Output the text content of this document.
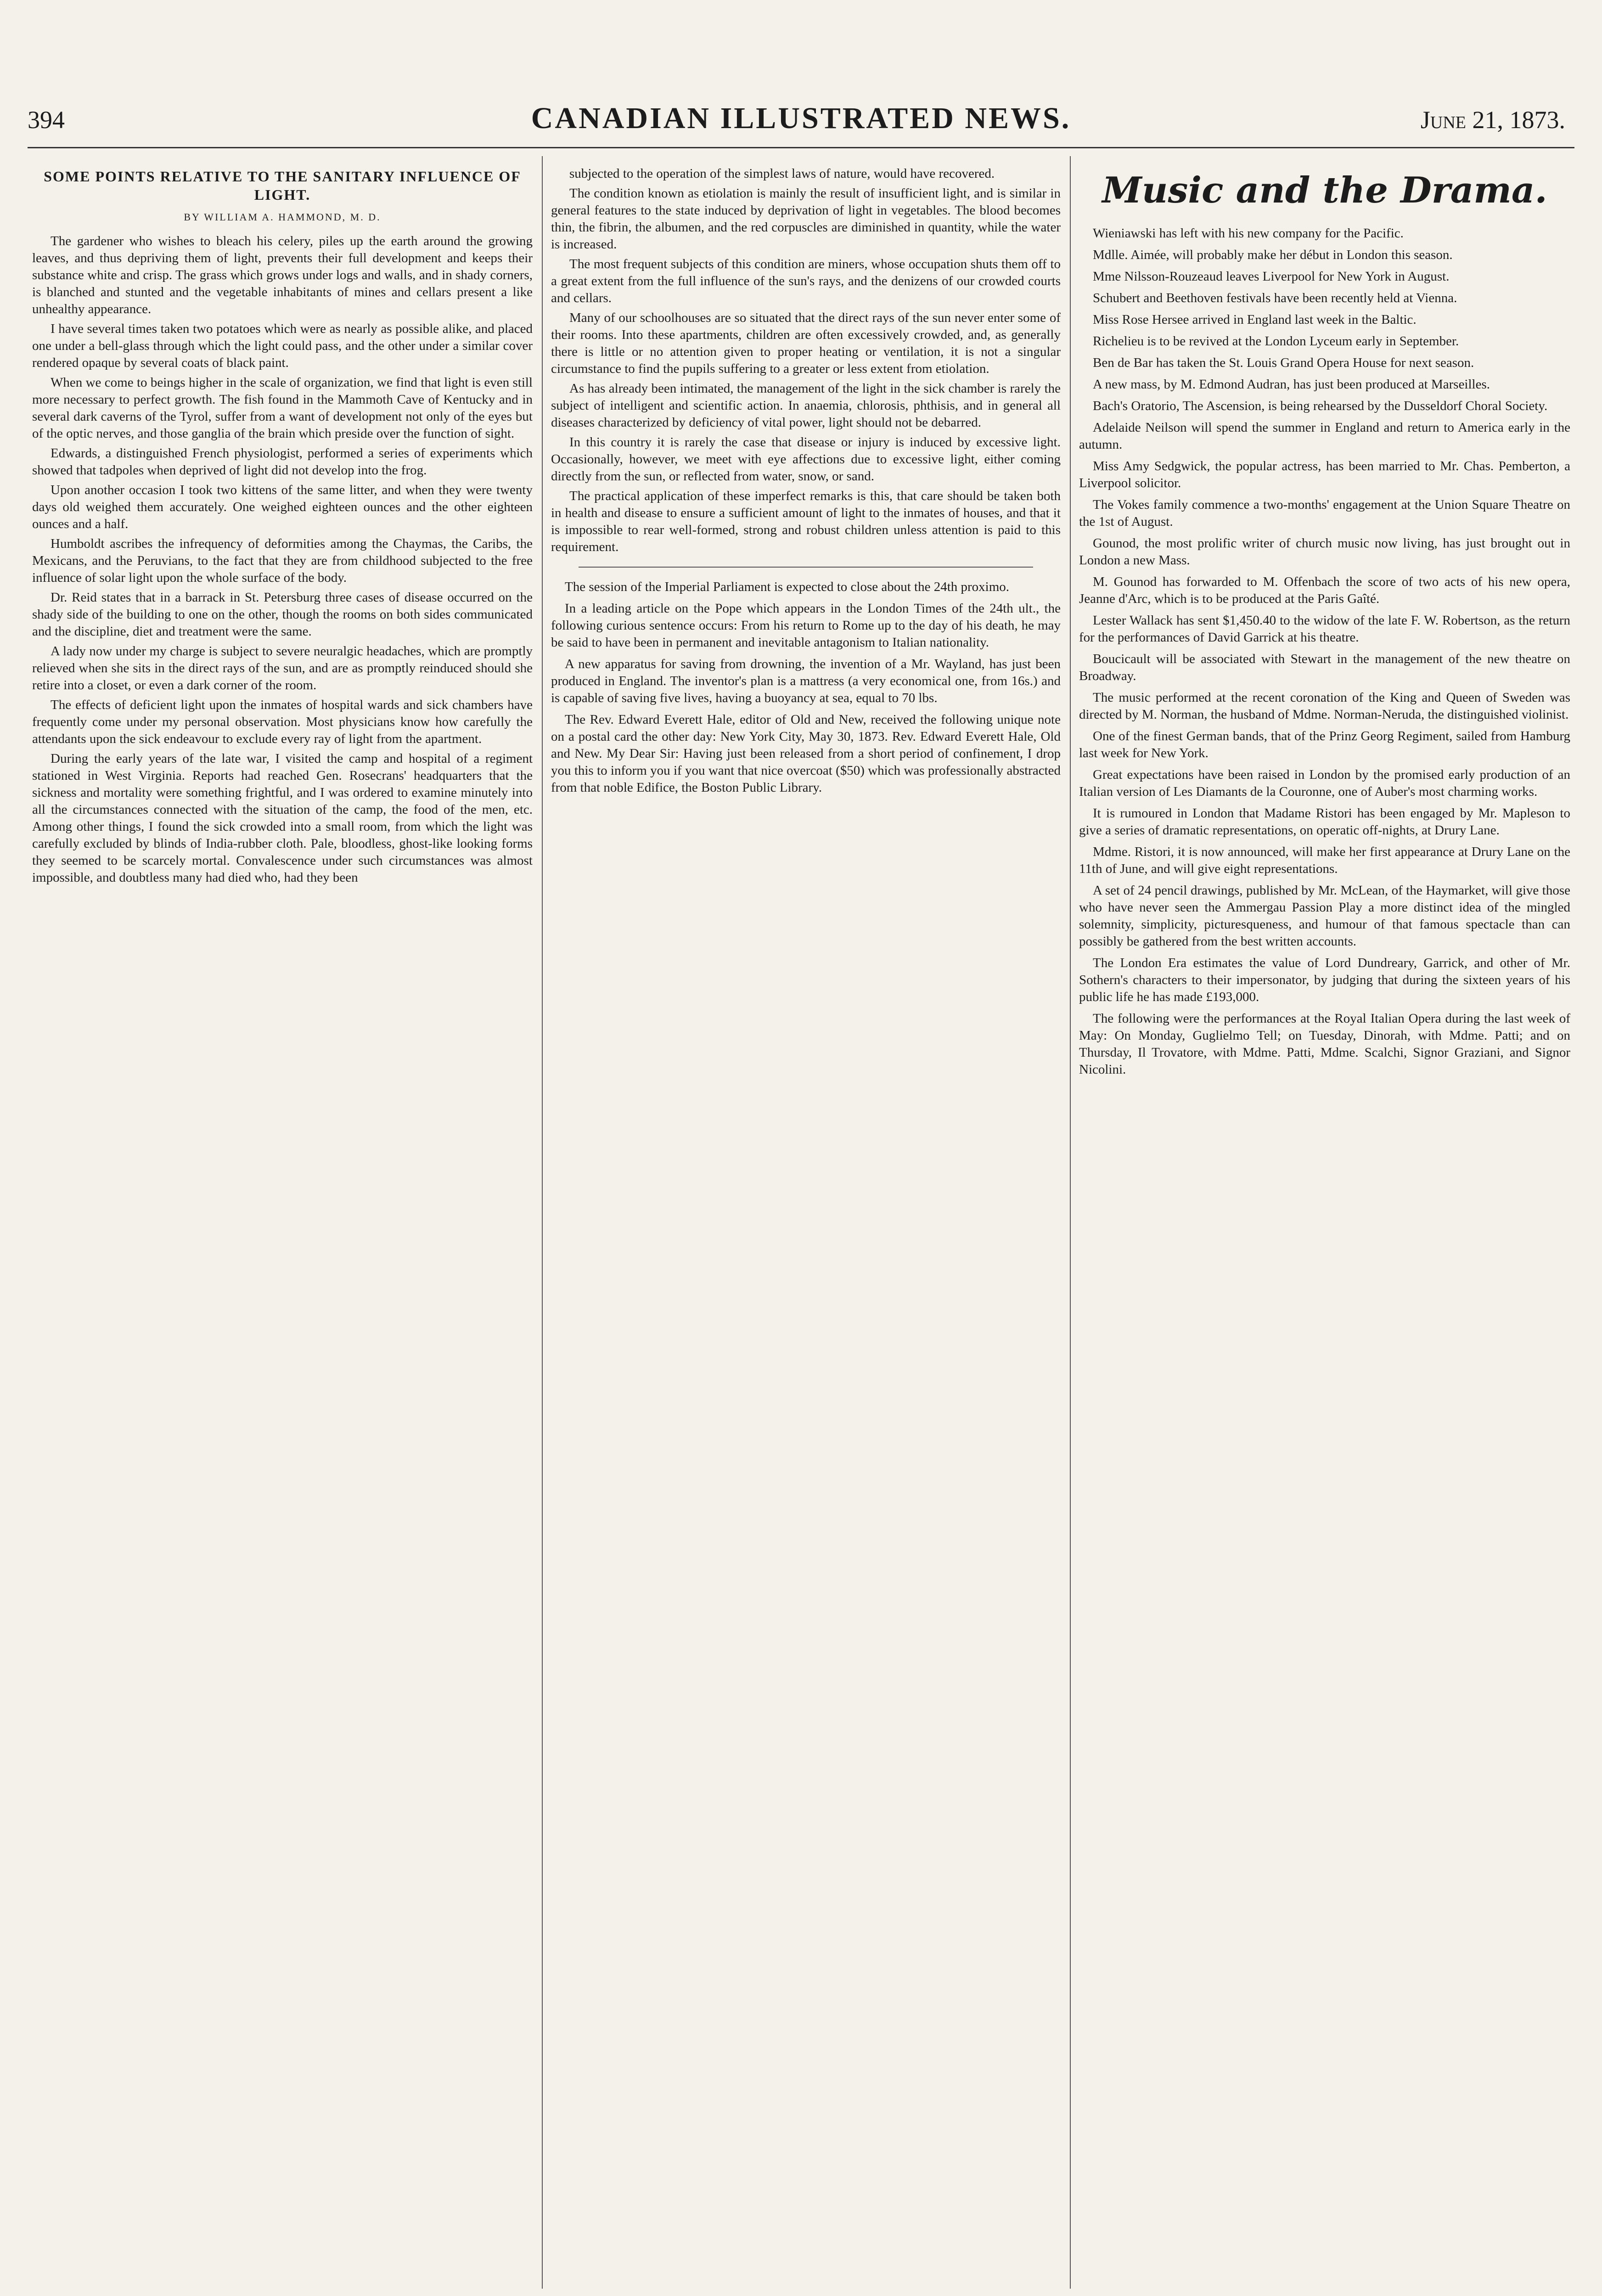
394	CANADIAN ILLUSTRATED NEWS.	June 21, 1873.
SOME POINTS RELATIVE TO THE SANITARY INFLUENCE OF LIGHT.
BY WILLIAM A. HAMMOND, M. D.

The gardener who wishes to bleach his celery, piles up the earth around the growing leaves, and thus depriving them of light, prevents their full development and keeps their substance white and crisp. The grass which grows under logs and walls, and in shady corners, is blanched and stunted and the vegetable inhabitants of mines and cellars present a like unhealthy appearance.

I have several times taken two potatoes which were as nearly as possible alike, and placed one under a bell-glass through which the light could pass, and the other under a similar cover rendered opaque by several coats of black paint.

When we come to beings higher in the scale of organization, we find that light is even still more necessary to perfect growth. The fish found in the Mammoth Cave of Kentucky and in several dark caverns of the Tyrol, suffer from a want of development not only of the eyes but of the optic nerves, and those ganglia of the brain which preside over the function of sight.

Edwards, a distinguished French physiologist, performed a series of experiments which showed that tadpoles when deprived of light did not develop into the frog.

Upon another occasion I took two kittens of the same litter, and when they were twenty days old weighed them accurately. One weighed eighteen ounces and the other eighteen ounces and a half.

Humboldt ascribes the infrequency of deformities among the Chaymas, the Caribs, the Mexicans, and the Peruvians, to the fact that they are from childhood subjected to the free influence of solar light upon the whole surface of the body.

Dr. Reid states that in a barrack in St. Petersburg three cases of disease occurred on the shady side of the building to one on the other, though the rooms on both sides communicated and the discipline, diet and treatment were the same.

A lady now under my charge is subject to severe neuralgic headaches, which are promptly relieved when she sits in the direct rays of the sun, and are as promptly reinduced should she retire into a closet, or even a dark corner of the room.

The effects of deficient light upon the inmates of hospital wards and sick chambers have frequently come under my personal observation. Most physicians know how carefully the attendants upon the sick endeavour to exclude every ray of light from the apartment.

During the early years of the late war, I visited the camp and hospital of a regiment stationed in West Virginia. Reports had reached Gen. Rosecrans' headquarters that the sickness and mortality were something frightful, and I was ordered to examine minutely into all the circumstances connected with the situation of the camp, the food of the men, etc. Among other things, I found the sick crowded into a small room, from which the light was carefully excluded by blinds of India-rubber cloth. Pale, bloodless, ghost-like looking forms they seemed to be scarcely mortal. Convalescence under such circumstances was almost impossible, and doubtless many had died who, had they been

subjected to the operation of the simplest laws of nature, would have recovered.

The condition known as etiolation is mainly the result of insufficient light, and is similar in general features to the state induced by deprivation of light in vegetables. The blood becomes thin, the fibrin, the albumen, and the red corpuscles are diminished in quantity, while the water is increased.

The most frequent subjects of this condition are miners, whose occupation shuts them off to a great extent from the full influence of the sun's rays, and the denizens of our crowded courts and cellars.

Many of our schoolhouses are so situated that the direct rays of the sun never enter some of their rooms. Into these apartments, children are often excessively crowded, and, as generally there is little or no attention given to proper heating or ventilation, it is not a singular circumstance to find the pupils suffering to a greater or less extent from etiolation.

As has already been intimated, the management of the light in the sick chamber is rarely the subject of intelligent and scientific action. In anaemia, chlorosis, phthisis, and in general all diseases characterized by deficiency of vital power, light should not be debarred.

In this country it is rarely the case that disease or injury is induced by excessive light. Occasionally, however, we meet with eye affections due to excessive light, either coming directly from the sun, or reflected from water, snow, or sand.

The practical application of these imperfect remarks is this, that care should be taken both in health and disease to ensure a sufficient amount of light to the inmates of houses, and that it is impossible to rear well-formed, strong and robust children unless attention is paid to this requirement.

The session of the Imperial Parliament is expected to close about the 24th proximo.

In a leading article on the Pope which appears in the London Times of the 24th ult., the following curious sentence occurs: From his return to Rome up to the day of his death, he may be said to have been in permanent and inevitable antagonism to Italian nationality.

A new apparatus for saving from drowning, the invention of a Mr. Wayland, has just been produced in England. The inventor's plan is a mattress (a very economical one, from 16s.) and is capable of saving five lives, having a buoyancy at sea, equal to 70 lbs.

The Rev. Edward Everett Hale, editor of Old and New, received the following unique note on a postal card the other day: New York City, May 30, 1873. Rev. Edward Everett Hale, Old and New. My Dear Sir: Having just been released from a short period of confinement, I drop you this to inform you if you want that nice overcoat ($50) which was professionally abstracted from that noble Edifice, the Boston Public Library.

Music and the Drama.

Wieniawski has left with his new company for the Pacific.

Mdlle. Aimée, will probably make her début in London this season.

Mme Nilsson-Rouzeaud leaves Liverpool for New York in August.

Schubert and Beethoven festivals have been recently held at Vienna.

Miss Rose Hersee arrived in England last week in the Baltic.

Richelieu is to be revived at the London Lyceum early in September.

Ben de Bar has taken the St. Louis Grand Opera House for next season.

A new mass, by M. Edmond Audran, has just been produced at Marseilles.

Bach's Oratorio, The Ascension, is being rehearsed by the Dusseldorf Choral Society.

Adelaide Neilson will spend the summer in England and return to America early in the autumn.

Miss Amy Sedgwick, the popular actress, has been married to Mr. Chas. Pemberton, a Liverpool solicitor.

The Vokes family commence a two-months' engagement at the Union Square Theatre on the 1st of August.

Gounod, the most prolific writer of church music now living, has just brought out in London a new Mass.

M. Gounod has forwarded to M. Offenbach the score of two acts of his new opera, Jeanne d'Arc, which is to be produced at the Paris Gaîté.

Lester Wallack has sent $1,450.40 to the widow of the late F. W. Robertson, as the return for the performances of David Garrick at his theatre.

Boucicault will be associated with Stewart in the management of the new theatre on Broadway.

The music performed at the recent coronation of the King and Queen of Sweden was directed by M. Norman, the husband of Mdme. Norman-Neruda, the distinguished violinist.

One of the finest German bands, that of the Prinz Georg Regiment, sailed from Hamburg last week for New York.

Great expectations have been raised in London by the promised early production of an Italian version of Les Diamants de la Couronne, one of Auber's most charming works.

It is rumoured in London that Madame Ristori has been engaged by Mr. Mapleson to give a series of dramatic representations, on operatic off-nights, at Drury Lane.

Mdme. Ristori, it is now announced, will make her first appearance at Drury Lane on the 11th of June, and will give eight representations.

A set of 24 pencil drawings, published by Mr. McLean, of the Haymarket, will give those who have never seen the Ammergau Passion Play a more distinct idea of the mingled solemnity, simplicity, picturesqueness, and humour of that famous spectacle than can possibly be gathered from the best written accounts.

The London Era estimates the value of Lord Dundreary, Garrick, and other of Mr. Sothern's characters to their impersonator, by judging that during the sixteen years of his public life he has made £193,000.

The following were the performances at the Royal Italian Opera during the last week of May: On Monday, Guglielmo Tell; on Tuesday, Dinorah, with Mdme. Patti; and on Thursday, Il Trovatore, with Mdme. Patti, Mdme. Scalchi, Signor Graziani, and Signor Nicolini.
